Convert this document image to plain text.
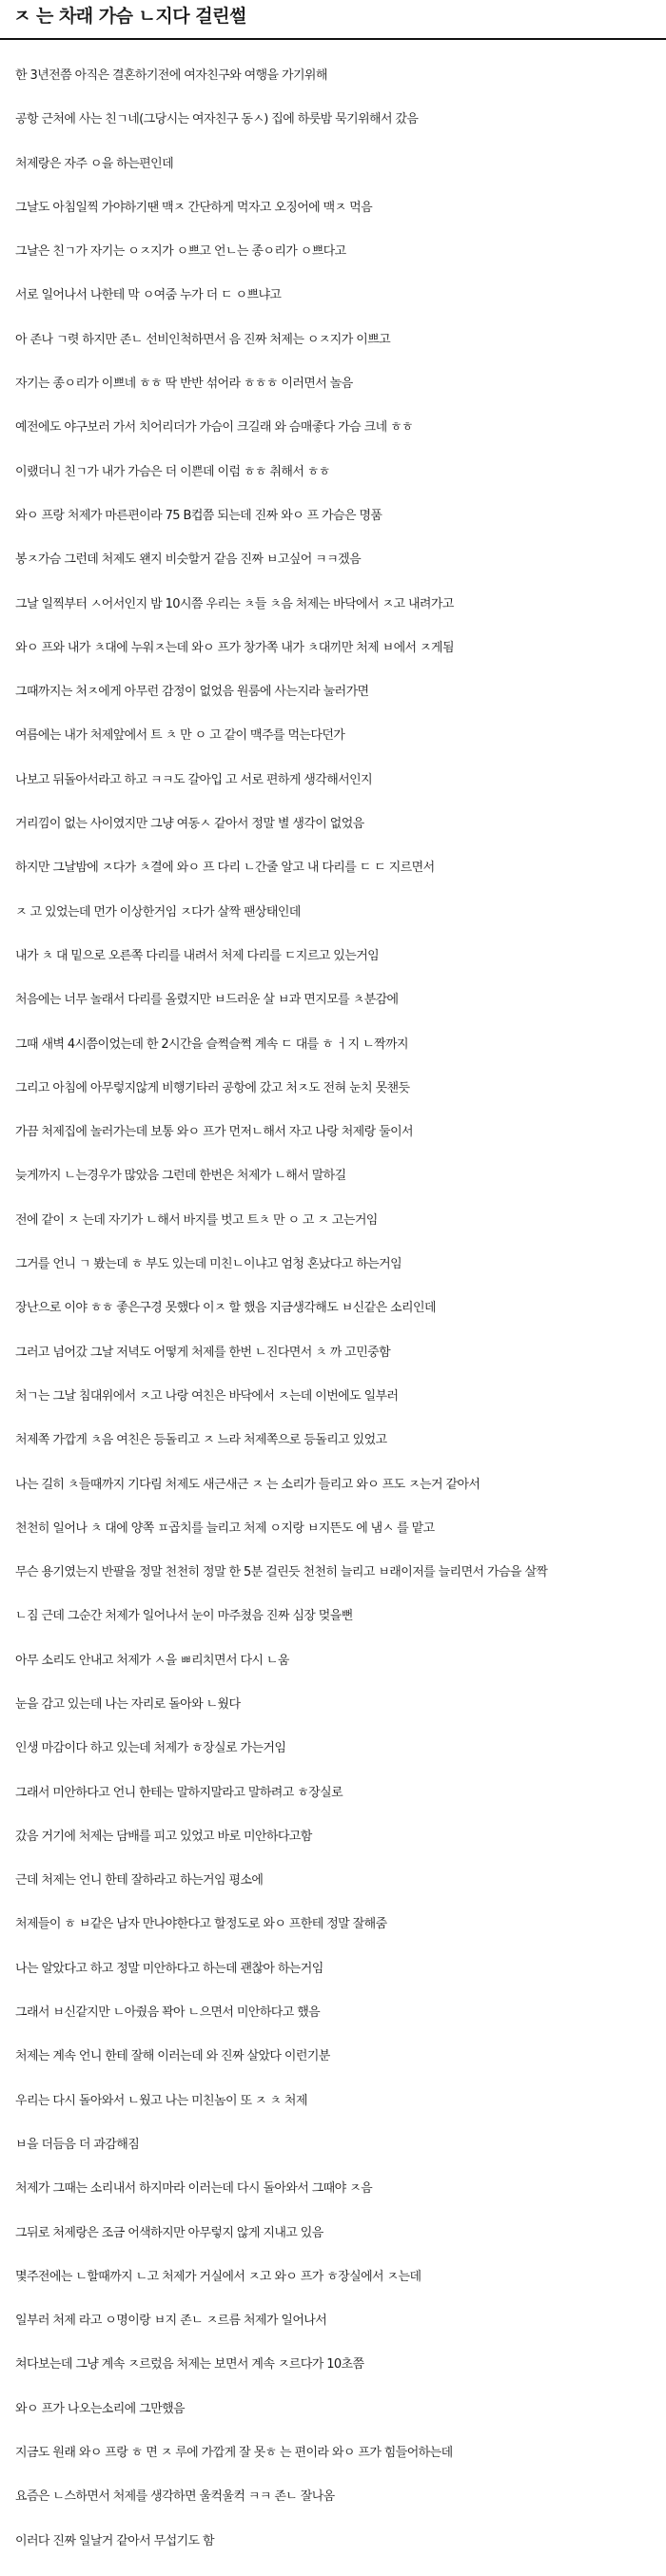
ㅈ 는 차래 가슴 ㄴ지다 걸린썰
한 3년전쯤 아직은 결혼하기전에 여자친구와 여행을 가기위해
공항 근처에 사는 친ㄱ네(그당시는 여자친구 동ㅅ) 집에 하룻밤 묵기위해서 갔음
처제랑은 자주 ㅇ을 하는편인데
그날도 아침일찍 가야하기땐 맥ㅈ 간단하게 먹자고 오징어에 맥ㅈ 먹음
그날은 친ㄱ가 자기는 ㅇㅈ지가 ㅇ쁘고 언ㄴ는 종ㅇ리가 ㅇ쁘다고
서로 일어나서 나한테 막 ㅇ여줌 누가 더 ㄷ ㅇ쁘냐고
아 존나 ㄱ렷 하지만 존ㄴ 선비인척하면서 음 진짜 처제는 ㅇㅈ지가 이쁘고
자기는 종ㅇ리가 이쁘네 ㅎㅎ 딱 반반 섞어라 ㅎㅎㅎ 이러면서 놀음
예전에도 야구보러 가서 치어리더가 가슴이 크길래 와 슴매좋다 가슴 크네 ㅎㅎ
이랬더니 친ㄱ가 내가 가슴은 더 이쁜데 이럼 ㅎㅎ 취해서 ㅎㅎ
와ㅇ 프랑 처제가 마른편이라 75 B컵쯤 되는데 진짜 와ㅇ 프 가슴은 명품
봉ㅈ가슴 그런데 처제도 왠지 비슷할거 같음 진짜 ㅂ고싶어 ㅋㅋ겠음
그날 일찍부터 ㅅ어서인지 밤 10시쯤 우리는 ㅊ들 ㅊ음 처제는 바닥에서 ㅈ고 내려가고
와ㅇ 프와 내가 ㅊ대에 누워ㅈ는데 와ㅇ 프가 창가쪽 내가 ㅊ대끼만 처제 ㅂ에서 ㅈ게됨
그때까지는 처ㅈ에게 아무런 감정이 없었음 원룸에 사는지라 눌러가면
여름에는 내가 처제앞에서 트 ㅊ 만 ㅇ 고 같이 맥주를 먹는다던가
나보고 뒤돌아서라고 하고 ㅋㅋ도 갈아입 고 서로 편하게 생각해서인지
거리낌이 없는 사이였지만 그냥 여동ㅅ 같아서 정말 별 생각이 없었음
하지만 그날밤에 ㅈ다가 ㅊ결에 와ㅇ 프 다리 ㄴ간줄 알고 내 다리를 ㄷ ㄷ 지르면서
ㅈ 고 있었는데 먼가 이상한거임 ㅈ다가 살짝 팬상태인데
내가 ㅊ 대 밑으로 오른쪽 다리를 내려서 처제 다리를 ㄷ지르고 있는거임
처음에는 너무 놀래서 다리를 올렸지만 ㅂ드러운 살 ㅂ과 면지모를 ㅊ분감에
그때 새벽 4시쯤이었는데 한 2시간을 슬쩍슬쩍 계속 ㄷ 대를 ㅎ ㅓ지 ㄴ짝까지
그리고 아침에 아무렇지않게 비행기타러 공항에 갔고 처ㅈ도 전혀 눈치 못챈듯
가끔 처제집에 놀러가는데 보통 와ㅇ 프가 먼저ㄴ해서 자고 나랑 처제랑 둘이서
늦게까지 ㄴ는경우가 많았음 그런데 한번은 처제가 ㄴ해서 말하길
전에 같이 ㅈ 는데 자기가 ㄴ해서 바지를 벗고 트ㅊ 만 ㅇ 고 ㅈ 고는거임
그거를 언니 ㄱ 봤는데 ㅎ 부도 있는데 미친ㄴ이냐고 엄청 혼났다고 하는거임
장난으로 이야 ㅎㅎ 좋은구경 못했다 이ㅈ 할 했음 지금생각해도 ㅂ신같은 소리인데
그러고 넘어갔 그날 저녁도 어떻게 처제를 한번 ㄴ진다면서 ㅊ 까 고민중함
처ㄱ는 그날 침대위에서 ㅈ고 나랑 여친은 바닥에서 ㅈ는데 이번에도 일부러
처제쪽 가깝게 ㅊ음 여친은 등돌리고 ㅈ 느라 처제쪽으로 등돌리고 있었고
나는 길히 ㅊ들때까지 기다림 처제도 새근새근 ㅈ 는 소리가 들리고 와ㅇ 프도 ㅈ는거 같아서
천천히 일어나 ㅊ 대에 양쪽 ㅍ곱치를 늘리고 처제 ㅇ지랑 ㅂ지뜬도 에 냄ㅅ 를 맡고
무슨 용기였는지 반팔을 정말 천천히 정말 한 5분 걸린듯 천천히 늘리고 ㅂ래이저를 늘리면서 가슴을 살짝
ㄴ짐 근데 그순간 처제가 일어나서 눈이 마주쳤음 진짜 심장 멎을뻔
아무 소리도 안내고 처제가 ㅅ을 ㅃ리치면서 다시 ㄴ움
눈을 감고 있는데 나는 자리로 돌아와 ㄴ웠다
인생 마감이다 하고 있는데 처제가 ㅎ장실로 가는거임
그래서 미안하다고 언니 한테는 말하지말라고 말하려고 ㅎ장실로
갔음 거기에 처제는 담배를 피고 있었고 바로 미안하다고함
근데 처제는 언니 한테 잘하라고 하는거임 평소에
처제들이 ㅎ ㅂ같은 남자 만나야한다고 할정도로 와ㅇ 프한테 정말 잘해줌
나는 알았다고 하고 정말 미안하다고 하는데 괜찮아 하는거임
그래서 ㅂ신같지만 ㄴ아줬음 꽉아 ㄴ으면서 미안하다고 했음
처제는 계속 언니 한테 잘해 이러는데 와 진짜 살았다 이런기분
우리는 다시 돌아와서 ㄴ웠고 나는 미친놈이 또 ㅈ ㅊ 처제
ㅂ을 더듬음 더 과감해짐
처제가 그때는 소리내서 하지마라 이러는데 다시 돌아와서 그때야 ㅈ음
그뒤로 처제랑은 조금 어색하지만 아무렇지 않게 지내고 있음
몇주전에는 ㄴ할때까지 ㄴ고 처제가 거실에서 ㅈ고 와ㅇ 프가 ㅎ장실에서 ㅈ는데
일부러 처제 라고 ㅇ명이랑 ㅂ지 존ㄴ ㅈ르름 처제가 일어나서
쳐다보는데 그냥 계속 ㅈ르렀음 처제는 보면서 계속 ㅈ르다가 10초쯤
와ㅇ 프가 나오는소리에 그만했음
지금도 원래 와ㅇ 프랑 ㅎ 면 ㅈ 루에 가깝게 잘 못ㅎ 는 편이라 와ㅇ 프가 힘들어하는데
요즘은 ㄴ스하면서 처제를 생각하면 울컥울컥 ㅋㅋ 존ㄴ 잘나옴
이러다 진짜 일날거 같아서 무섭기도 함
